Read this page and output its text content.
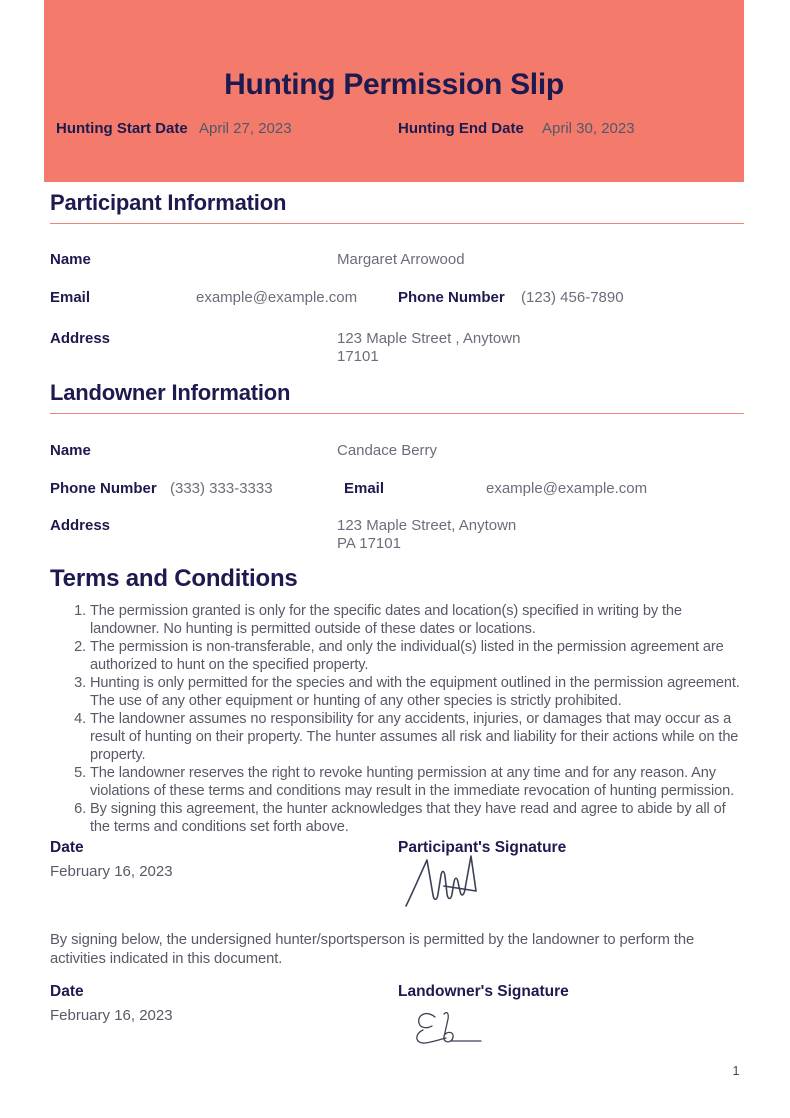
Hunting Permission Slip
Hunting Start Date April 27, 2023	Hunting End Date April 30, 2023
Participant Information
Name	Margaret Arrowood
Email	example@example.com	Phone Number (123) 456-7890
Address	123 Maple Street , Anytown
17101
Landowner Information
Name	Candace Berry
Phone Number (333) 333-3333	Email	example@example.com
Address	123 Maple Street, Anytown
PA 17101
Terms and Conditions
1. The permission granted is only for the specific dates and location(s) specified in writing by the landowner. No hunting is permitted outside of these dates or locations.
2. The permission is non-transferable, and only the individual(s) listed in the permission agreement are authorized to hunt on the specified property.
3. Hunting is only permitted for the species and with the equipment outlined in the permission agreement. The use of any other equipment or hunting of any other species is strictly prohibited.
4. The landowner assumes no responsibility for any accidents, injuries, or damages that may occur as a result of hunting on their property. The hunter assumes all risk and liability for their actions while on the property.
5. The landowner reserves the right to revoke hunting permission at any time and for any reason. Any violations of these terms and conditions may result in the immediate revocation of hunting permission.
6. By signing this agreement, the hunter acknowledges that they have read and agree to abide by all of the terms and conditions set forth above.
Date
February 16, 2023
Participant's Signature
By signing below, the undersigned hunter/sportsperson is permitted by the landowner to perform the activities indicated in this document.
Date
February 16, 2023
Landowner's Signature
1
